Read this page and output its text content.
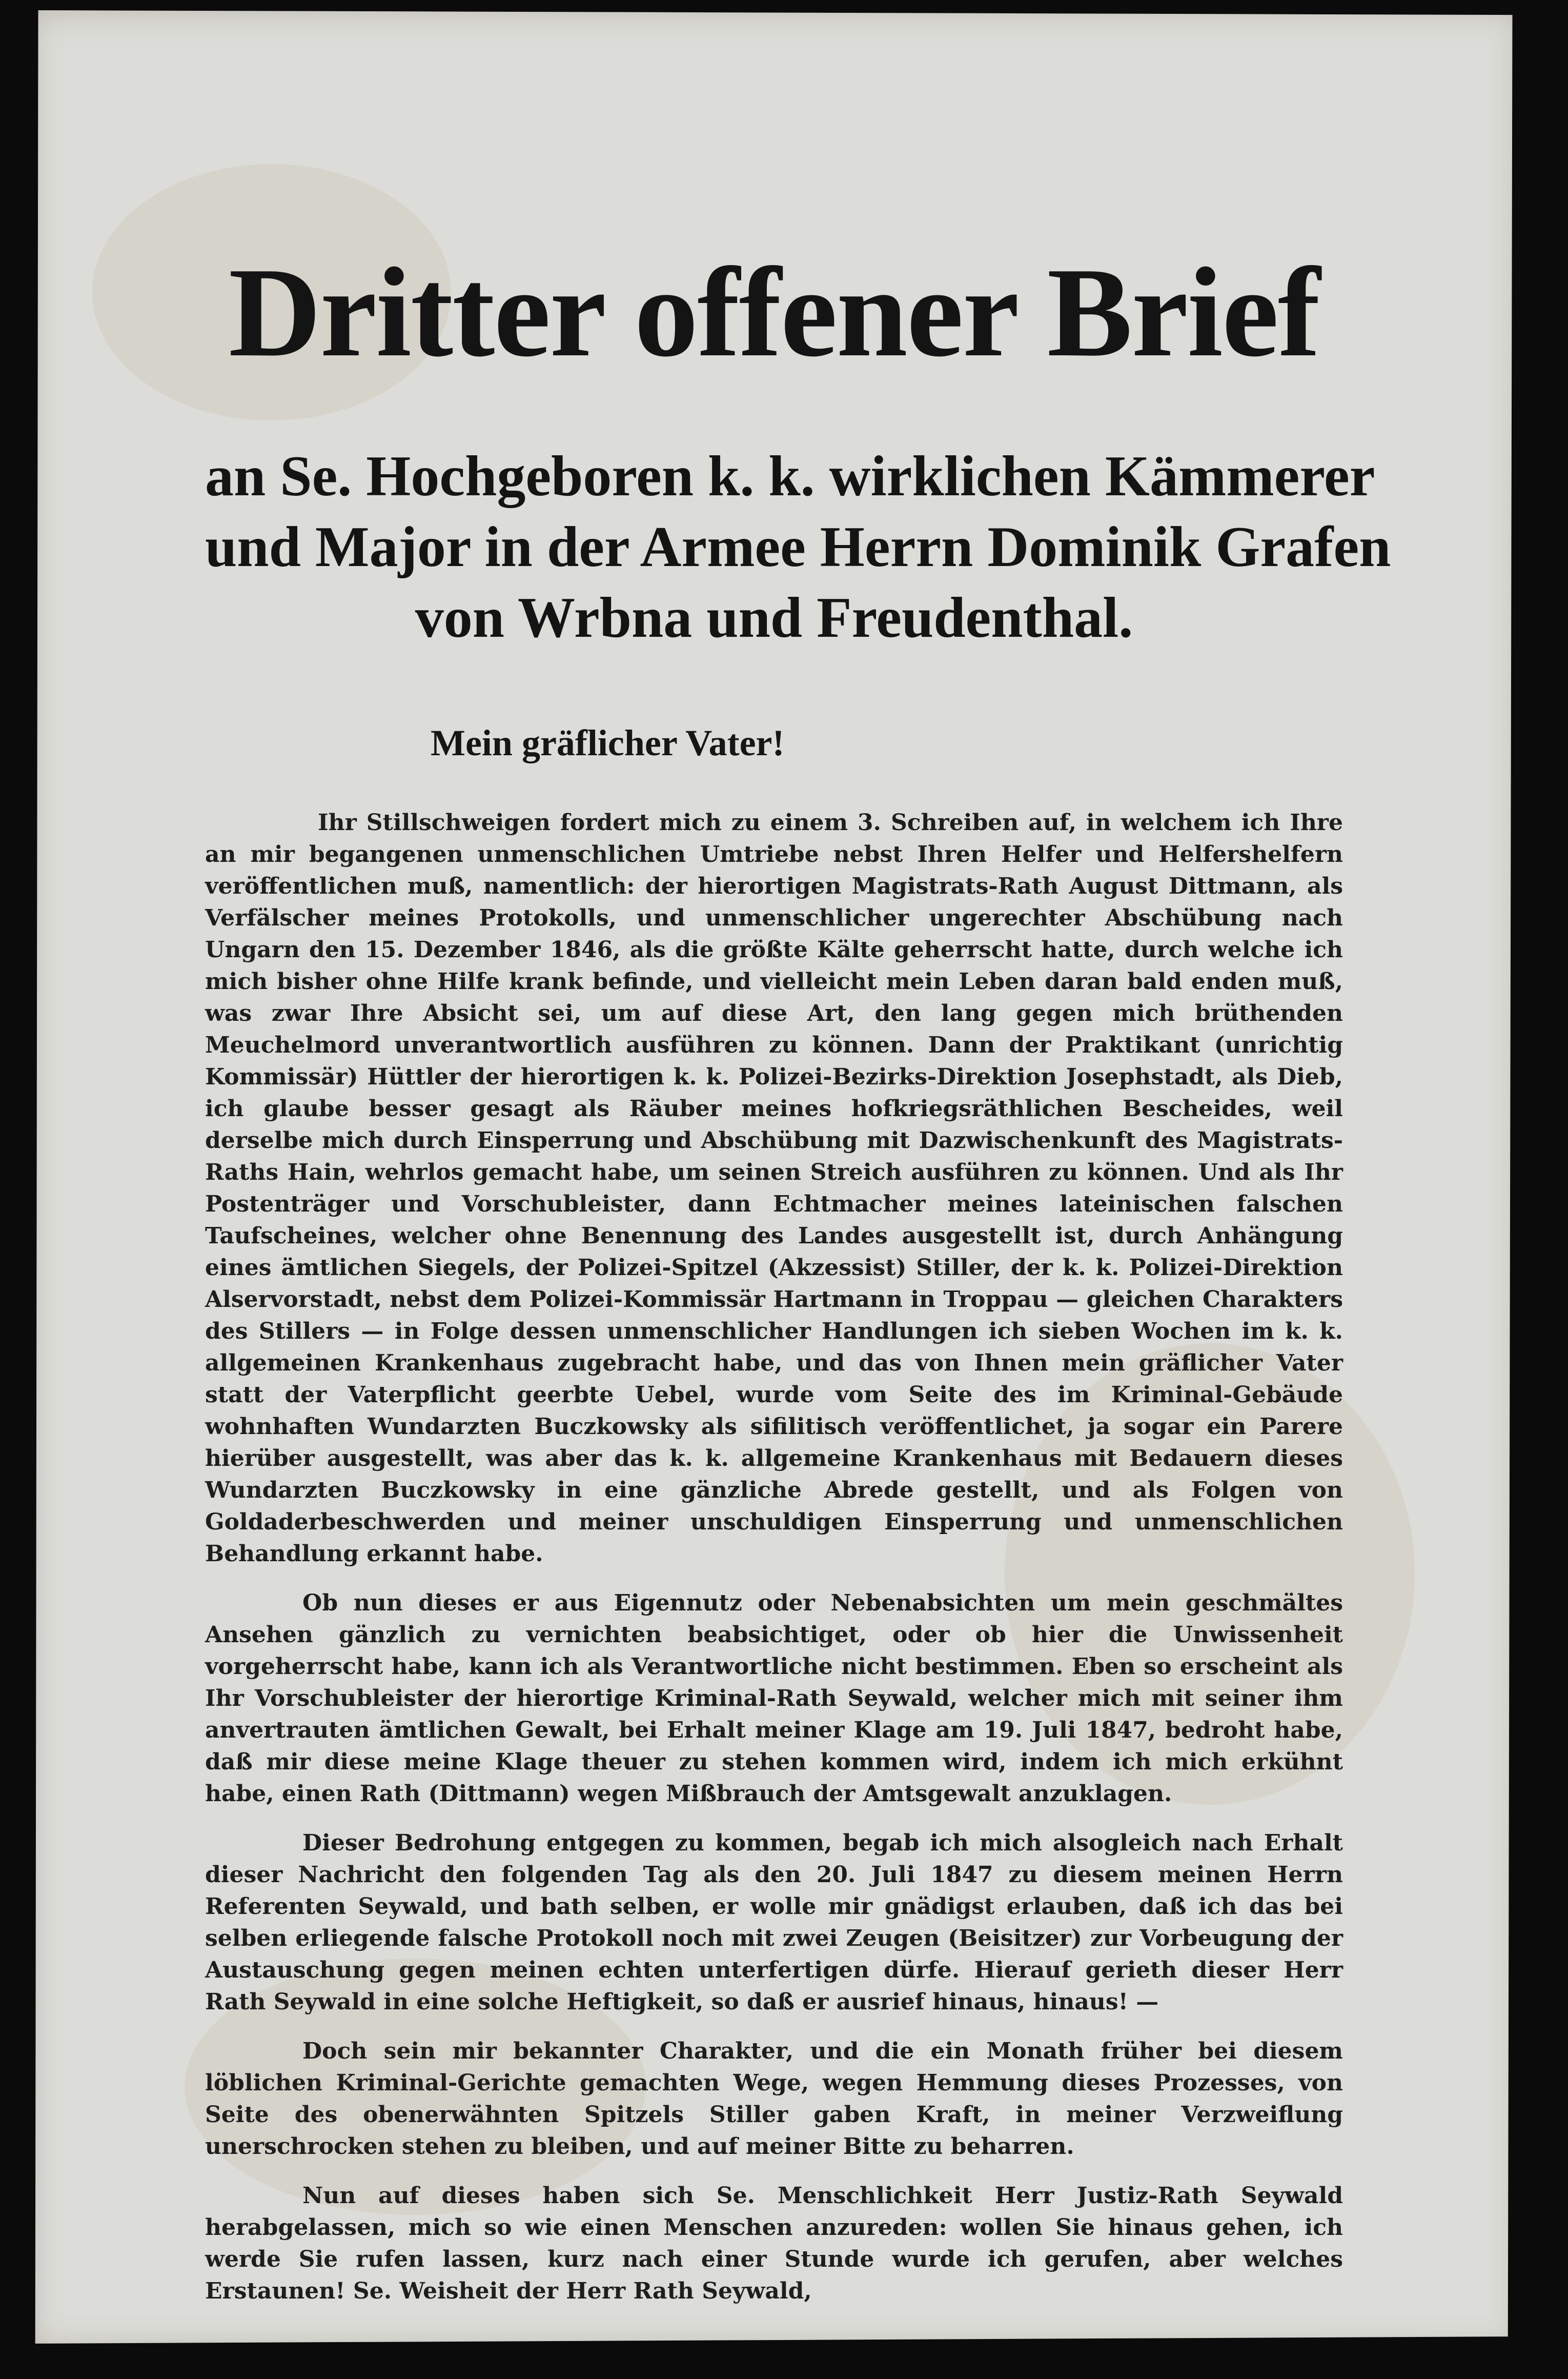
Dritter offener Brief
an Se. Hochgeboren k. k. wirklichen Kämmerer
und Major in der Armee Herrn Dominik Grafen
von Wrbna und Freudenthal.
Mein gräflicher Vater!

Ihr Stillschweigen fordert mich zu einem 3. Schreiben auf, in welchem ich Ihre an mir begangenen unmenschlichen Umtriebe nebst Ihren Helfer und Helfershelfern veröffentlichen muß, namentlich: der hierortigen Magistrats-Rath August Dittmann, als Verfälscher meines Protokolls, und unmenschlicher ungerechter Abschübung nach Ungarn den 15. Dezember 1846, als die größte Kälte geherrscht hatte, durch welche ich mich bisher ohne Hilfe krank befinde, und vielleicht mein Leben daran bald enden muß, was zwar Ihre Absicht sei, um auf diese Art, den lang gegen mich brüthenden Meuchelmord unverantwortlich ausführen zu können. Dann der Praktikant (unrichtig Kommissär) Hüttler der hierortigen k. k. Polizei-Bezirks-Direktion Josephstadt, als Dieb, ich glaube besser gesagt als Räuber meines hofkriegsräthlichen Bescheides, weil derselbe mich durch Einsperrung und Abschübung mit Dazwischenkunft des Magistrats-Raths Hain, wehrlos gemacht habe, um seinen Streich ausführen zu können. Und als Ihr Postenträger und Vorschubleister, dann Echtmacher meines lateinischen falschen Taufscheines, welcher ohne Benennung des Landes ausgestellt ist, durch Anhängung eines ämtlichen Siegels, der Polizei-Spitzel (Akzessist) Stiller, der k. k. Polizei-Direktion Alservorstadt, nebst dem Polizei-Kommissär Hartmann in Troppau — gleichen Charakters des Stillers — in Folge dessen unmenschlicher Handlungen ich sieben Wochen im k. k. allgemeinen Krankenhaus zugebracht habe, und das von Ihnen mein gräflicher Vater statt der Vaterpflicht geerbte Uebel, wurde vom Seite des im Kriminal-Gebäude wohnhaften Wundarzten Buczkowsky als sifilitisch veröffentlichet, ja sogar ein Parere hierüber ausgestellt, was aber das k. k. allgemeine Krankenhaus mit Bedauern dieses Wundarzten Buczkowsky in eine gänzliche Abrede gestellt, und als Folgen von Goldaderbeschwerden und meiner unschuldigen Einsperrung und unmenschlichen Behandlung erkannt habe.

Ob nun dieses er aus Eigennutz oder Nebenabsichten um mein geschmältes Ansehen gänzlich zu vernichten beabsichtiget, oder ob hier die Unwissenheit vorgeherrscht habe, kann ich als Verantwortliche nicht bestimmen. Eben so erscheint als Ihr Vorschubleister der hierortige Kriminal-Rath Seywald, welcher mich mit seiner ihm anvertrauten ämtlichen Gewalt, bei Erhalt meiner Klage am 19. Juli 1847, bedroht habe, daß mir diese meine Klage theuer zu stehen kommen wird, indem ich mich erkühnt habe, einen Rath (Dittmann) wegen Mißbrauch der Amtsgewalt anzuklagen.

Dieser Bedrohung entgegen zu kommen, begab ich mich alsogleich nach Erhalt dieser Nachricht den folgenden Tag als den 20. Juli 1847 zu diesem meinen Herrn Referenten Seywald, und bath selben, er wolle mir gnädigst erlauben, daß ich das bei selben erliegende falsche Protokoll noch mit zwei Zeugen (Beisitzer) zur Vorbeugung der Austauschung gegen meinen echten unterfertigen dürfe. Hierauf gerieth dieser Herr Rath Seywald in eine solche Heftigkeit, so daß er ausrief hinaus, hinaus! —

Doch sein mir bekannter Charakter, und die ein Monath früher bei diesem löblichen Kriminal-Gerichte gemachten Wege, wegen Hemmung dieses Prozesses, von Seite des obenerwähnten Spitzels Stiller gaben Kraft, in meiner Verzweiflung unerschrocken stehen zu bleiben, und auf meiner Bitte zu beharren.

Nun auf dieses haben sich Se. Menschlichkeit Herr Justiz-Rath Seywald herabgelassen, mich so wie einen Menschen anzureden: wollen Sie hinaus gehen, ich werde Sie rufen lassen, kurz nach einer Stunde wurde ich gerufen, aber welches Erstaunen! Se. Weisheit der Herr Rath Seywald,
